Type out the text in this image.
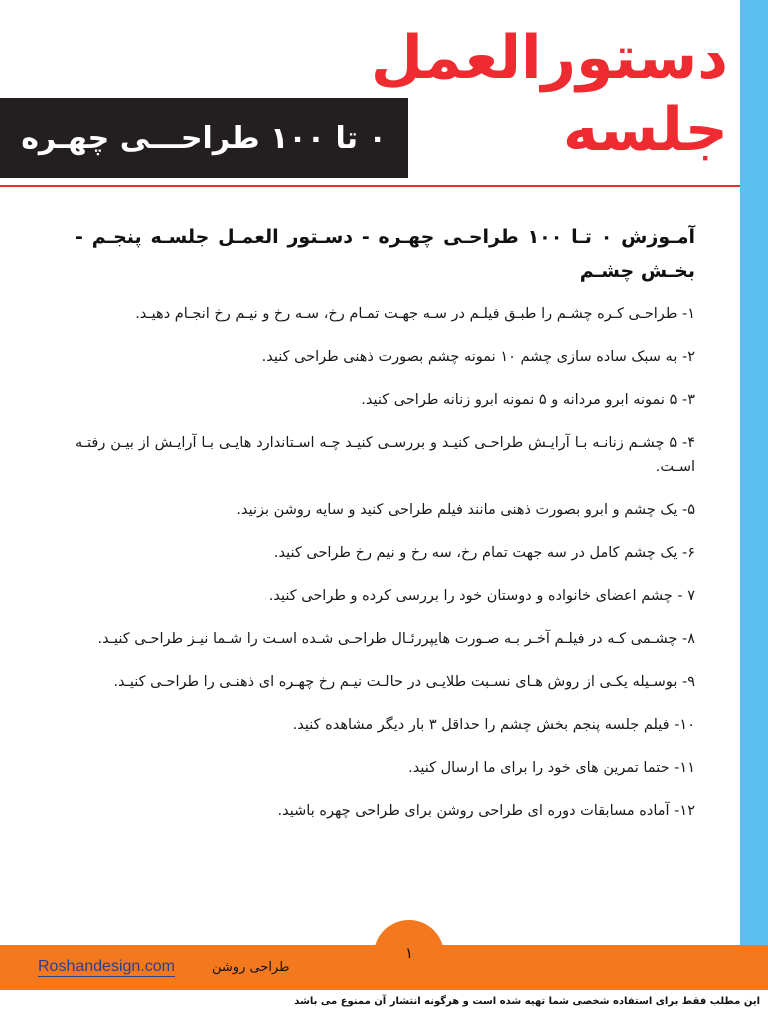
دستورالعمل
جلسه
۰ تا ۱۰۰ طراحـــی چهـره

آمـوزش ۰ تـا ۱۰۰ طراحـی چهـره - دسـتور العمـل جلسـه پنجـم - بخـش چشـم

۱- طراحـی کـره چشـم را طبـق فیلـم در سـه جهـت تمـام رخ، سـه رخ و نیـم رخ انجـام دهیـد.

۲- به سبک ساده سازی چشم ۱۰ نمونه چشم بصورت ذهنی طراحی کنید.

۳- ۵ نمونه ابرو مردانه و ۵ نمونه ابرو زنانه طراحی کنید.

۴- ۵ چشـم زنانـه بـا آرایـش طراحـی کنیـد و بررسـی کنیـد چـه اسـتاندارد هایـی بـا آرایـش از بیـن رفتـه اسـت.

۵- یک چشم و ابرو بصورت ذهنی مانند فیلم طراحی کنید و سایه روشن بزنید.

۶- یک چشم کامل در سه جهت تمام رخ، سه رخ و نیم رخ طراحی کنید.

۷ - چشم اعضای خانواده و دوستان خود را بررسی کرده و طراحی کنید.

۸- چشـمی کـه در فیلـم آخـر بـه صـورت هایپررئـال طراحـی شـده اسـت را شـما نیـز طراحـی کنیـد.

۹- بوسـیله یکـی از روش هـای نسـبت طلایـی در حالـت نیـم رخ چهـره ای ذهنـی را طراحـی کنیـد.

۱۰- فیلم جلسه پنجم بخش چشم را حداقل ۳ بار دیگر مشاهده کنید.

۱۱- حتما تمرین های خود را برای ما ارسال کنید.

۱۲- آماده مسابقات دوره ای طراحی روشن برای طراحی چهره باشید.

۱
طراحی روشن
Roshandesign.com
این مطلب فقط برای استفاده شخصی شما تهیه شده است و هرگونه انتشار آن ممنوع می باشد
